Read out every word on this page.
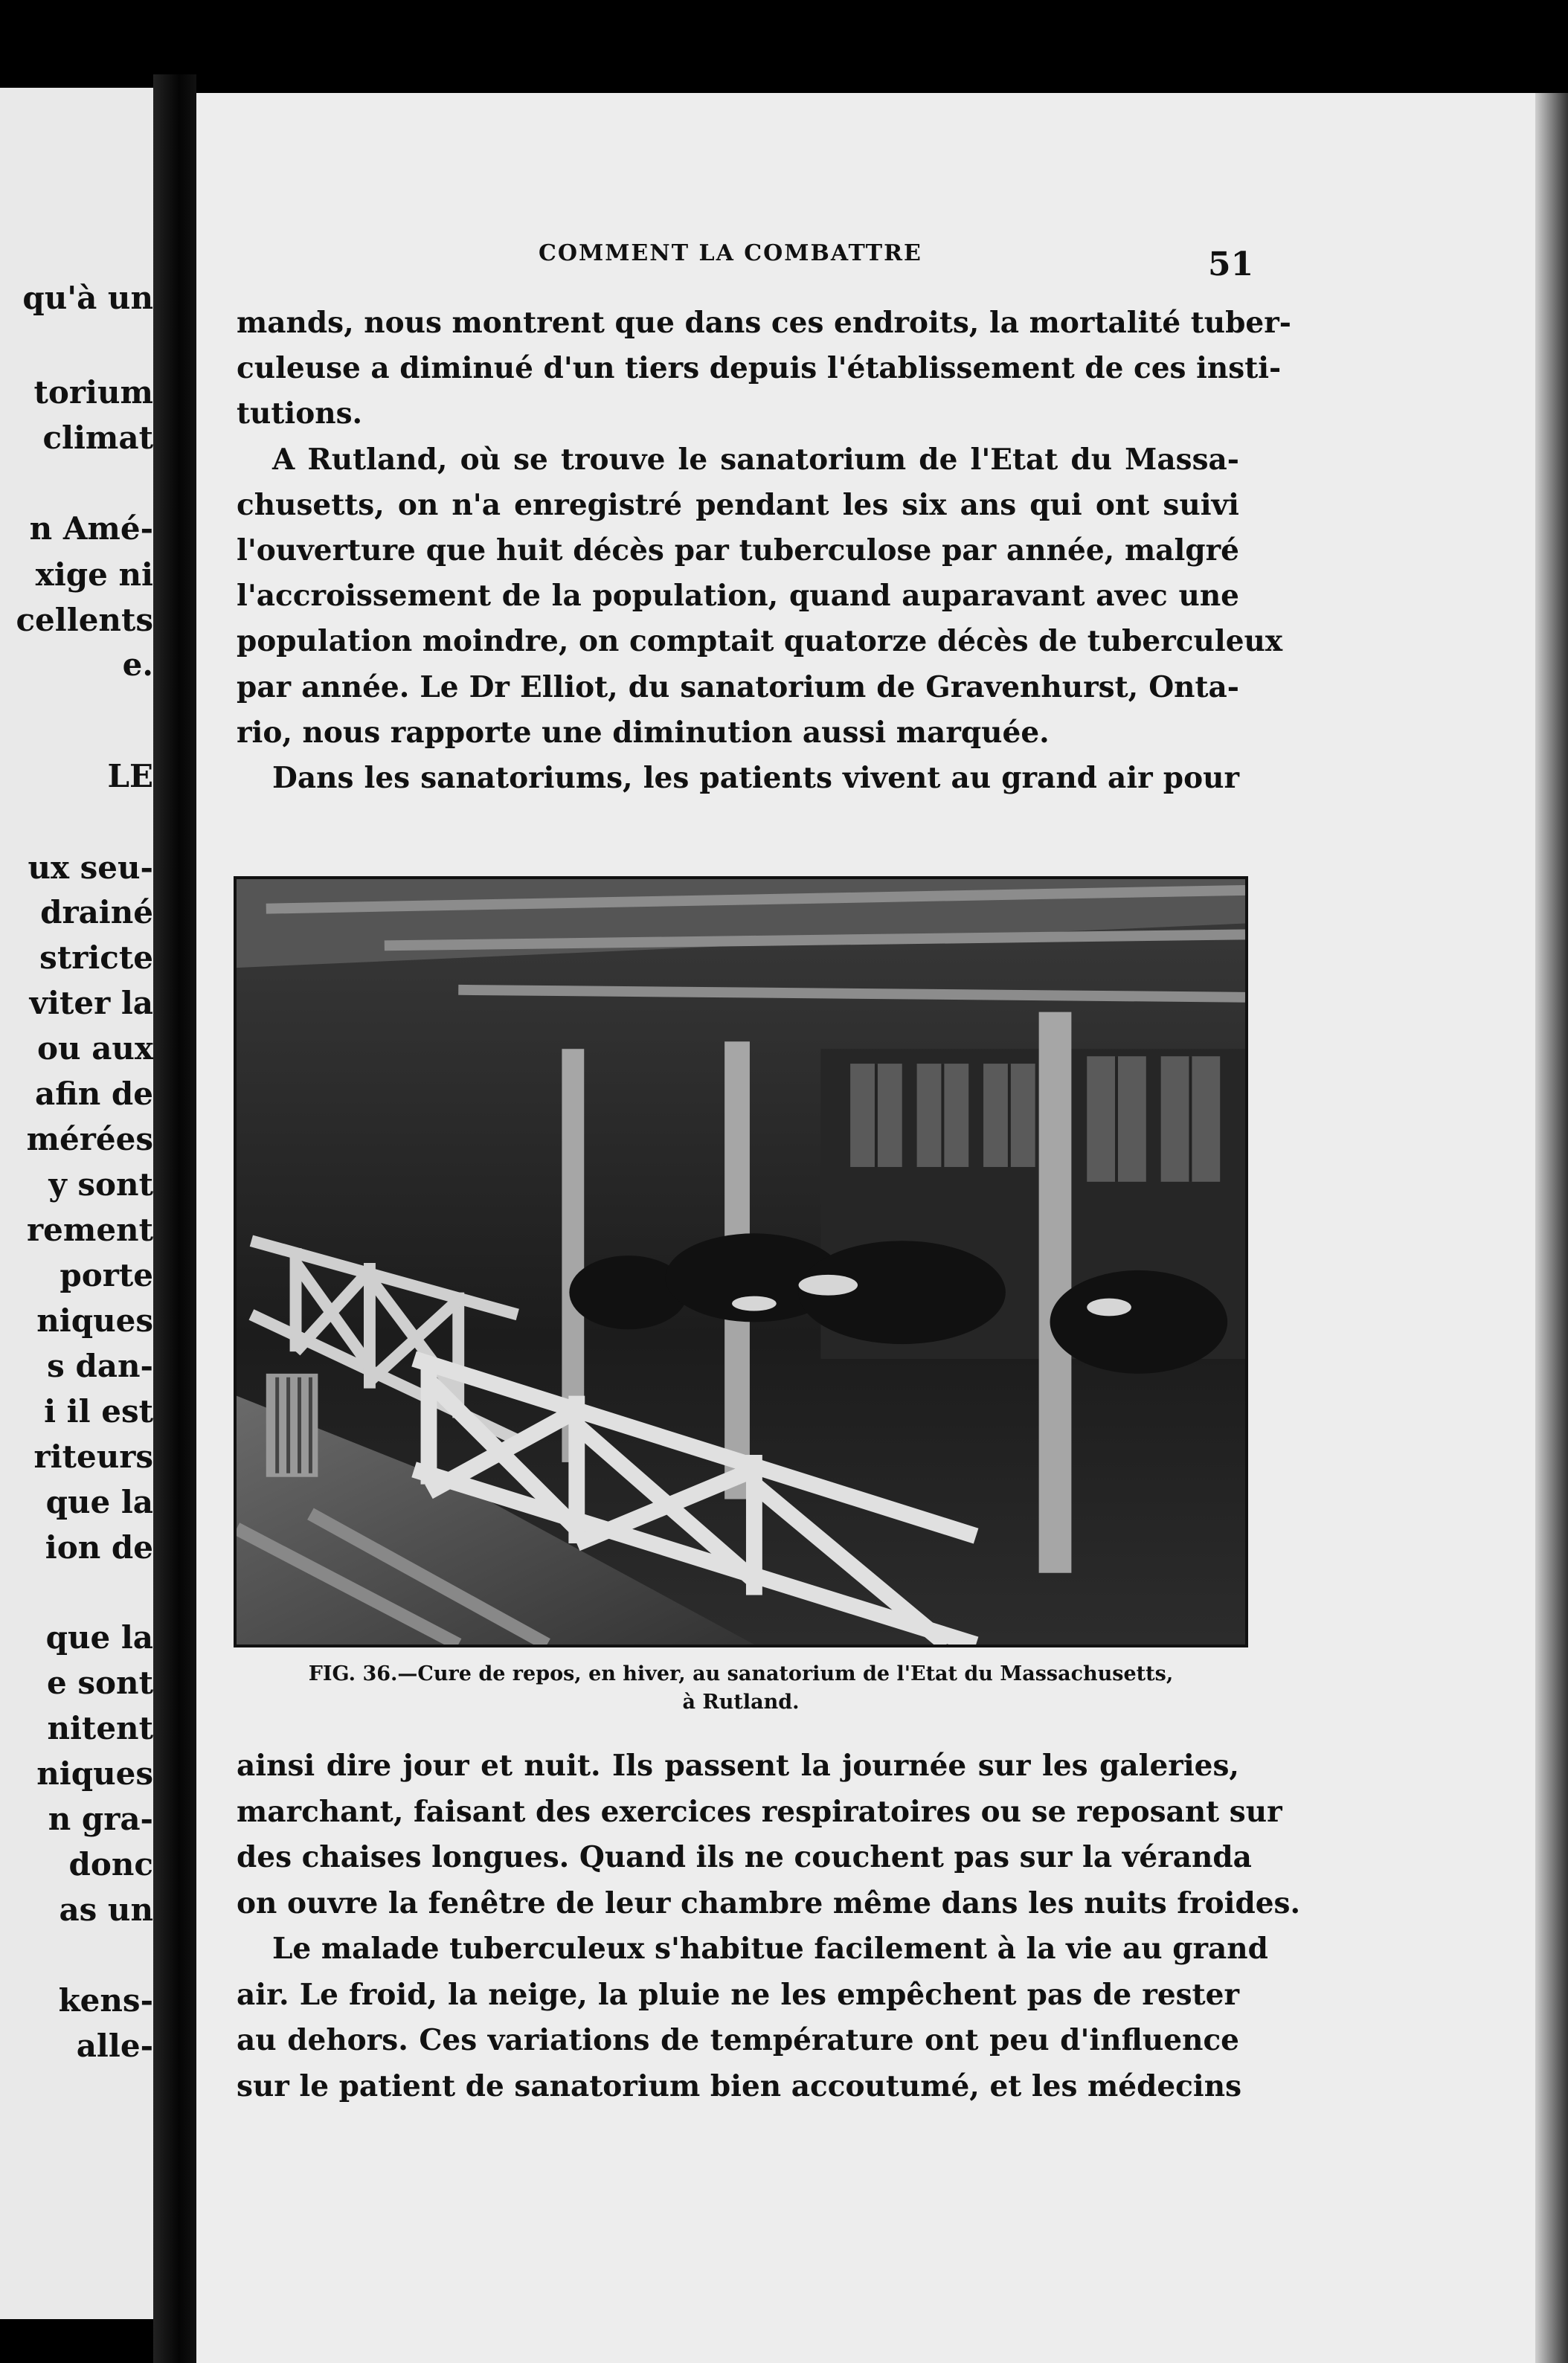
qu'à un
torium
climat
n Amé-
xige ni
cellents
e.
LE
ux seu-
drainé
stricte
viter la
ou aux
afin de
mérées
y sont
rement
porte
niques
s dan-
i il est
riteurs
que la
ion de
que la
e sont
nitent
niques
n gra-
donc
as un
kens-
alle-
COMMENT LA COMBATTRE	51
mands, nous montrent que dans ces endroits, la mortalité tuber-
culeuse a diminué d'un tiers depuis l'établissement de ces insti-
tutions.
A Rutland, où se trouve le sanatorium de l'Etat du Massa-
chusetts, on n'a enregistré pendant les six ans qui ont suivi
l'ouverture que huit décès par tuberculose par année, malgré
l'accroissement de la population, quand auparavant avec une
population moindre, on comptait quatorze décès de tuberculeux
par année. Le Dr Elliot, du sanatorium de Gravenhurst, Onta-
rio, nous rapporte une diminution aussi marquée.
Dans les sanatoriums, les patients vivent au grand air pour
FIG. 36.—Cure de repos, en hiver, au sanatorium de l'Etat du Massachusetts,
à Rutland.
ainsi dire jour et nuit. Ils passent la journée sur les galeries,
marchant, faisant des exercices respiratoires ou se reposant sur
des chaises longues. Quand ils ne couchent pas sur la véranda
on ouvre la fenêtre de leur chambre même dans les nuits froides.
Le malade tuberculeux s'habitue facilement à la vie au grand
air. Le froid, la neige, la pluie ne les empêchent pas de rester
au dehors. Ces variations de température ont peu d'influence
sur le patient de sanatorium bien accoutumé, et les médecins
